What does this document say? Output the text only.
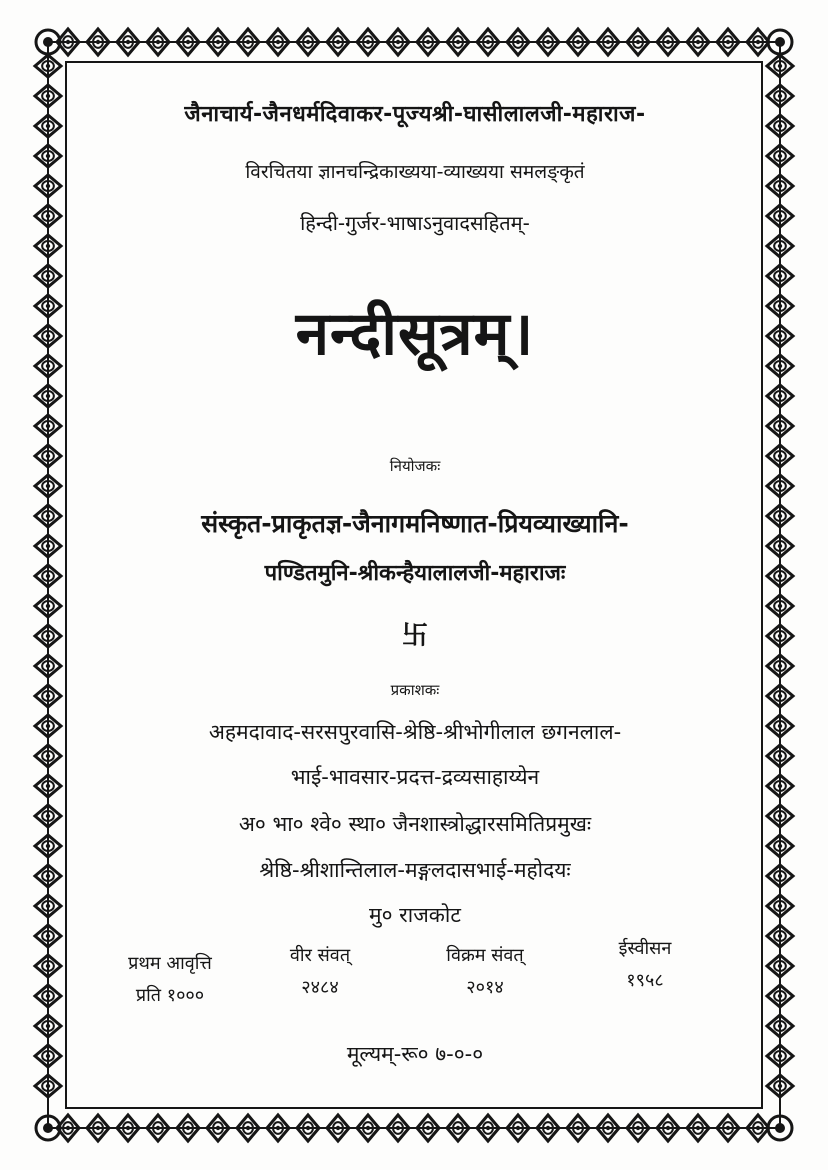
जैनाचार्य-जैनधर्मदिवाकर-पूज्यश्री-घासीलालजी-महाराज-
विरचितया ज्ञानचन्द्रिकाख्यया-व्याख्यया समलङ्कृतं
हिन्दी-गुर्जर-भाषाऽनुवादसहितम्-
नन्दीसूत्रम्।
नियोजकः
संस्कृत-प्राकृतज्ञ-जैनागमनिष्णात-प्रियव्याख्यानि-
पण्डितमुनि-श्रीकन्हैयालालजी-महाराजः
卐
प्रकाशकः
अहमदावाद-सरसपुरवासि-श्रेष्ठि-श्रीभोगीलाल छगनलाल-
भाई-भावसार-प्रदत्त-द्रव्यसाहाय्येन
अ० भा० श्वे० स्था० जैनशास्त्रोद्धारसमितिप्रमुखः
श्रेष्ठि-श्रीशान्तिलाल-मङ्गलदासभाई-महोदयः
मु० राजकोट
प्रथम आवृत्ति
प्रति १०००
वीर संवत्
२४८४
विक्रम संवत्
२०१४
ईस्वीसन
१९५८
मूल्यम्-रू० ७-०-०
